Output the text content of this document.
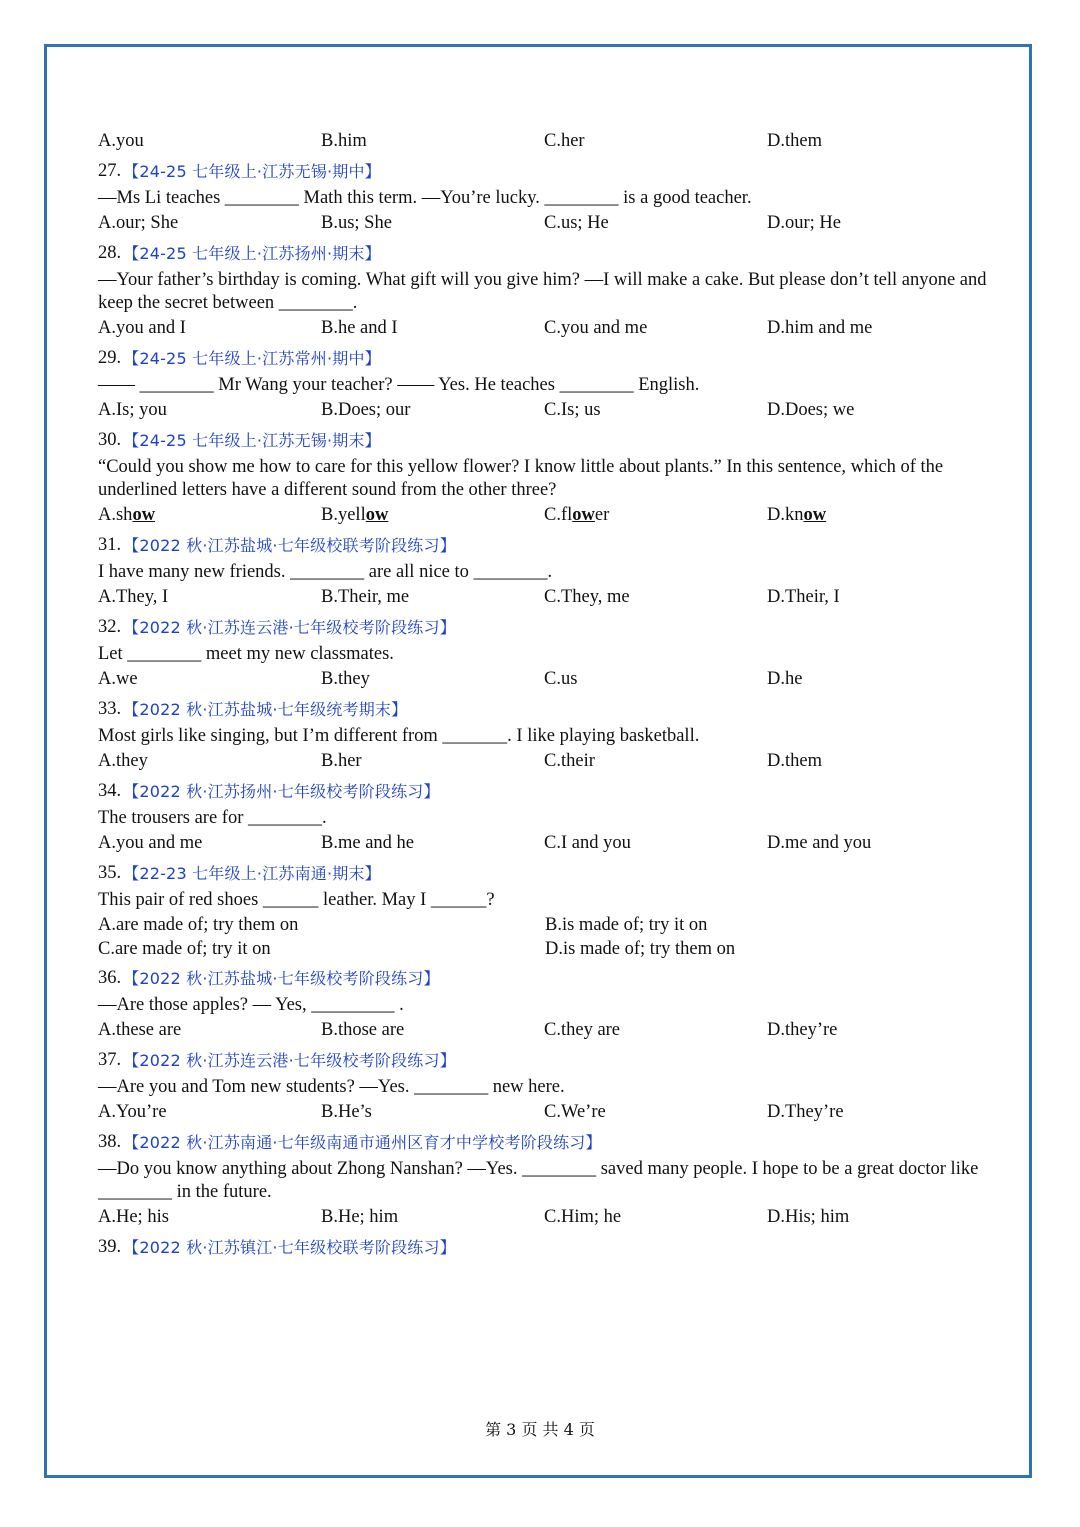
A.you	B.him	C.her	D.them
27. 【24-25 七年级上·江苏无锡·期中】
—Ms Li teaches ________ Math this term. —You’re lucky. ________ is a good teacher.
A.our; She	B.us; She	C.us; He	D.our; He
28. 【24-25 七年级上·江苏扬州·期末】
—Your father’s birthday is coming. What gift will you give him? —I will make a cake. But please don’t tell anyone and keep the secret between ________.
A.you and I	B.he and I	C.you and me	D.him and me
29. 【24-25 七年级上·江苏常州·期中】
—— ________ Mr Wang your teacher? —— Yes. He teaches ________ English.
A.Is; you	B.Does; our	C.Is; us	D.Does; we
30. 【24-25 七年级上·江苏无锡·期末】
“Could you show me how to care for this yellow flower? I know little about plants.” In this sentence, which of the underlined letters have a different sound from the other three?
A.show	B.yellow	C.flower	D.know
31. 【2022 秋·江苏盐城·七年级校联考阶段练习】
I have many new friends. ________ are all nice to ________.
A.They, I	B.Their, me	C.They, me	D.Their, I
32. 【2022 秋·江苏连云港·七年级校考阶段练习】
Let ________ meet my new classmates.
A.we	B.they	C.us	D.he
33. 【2022 秋·江苏盐城·七年级统考期末】
Most girls like singing, but I’m different from _______. I like playing basketball.
A.they	B.her	C.their	D.them
34. 【2022 秋·江苏扬州·七年级校考阶段练习】
The trousers are for ________.
A.you and me	B.me and he	C.I and you	D.me and you
35. 【22-23 七年级上·江苏南通·期末】
This pair of red shoes ______ leather. May I ______?
A.are made of; try them on	B.is made of; try it on
C.are made of; try it on	D.is made of; try them on
36. 【2022 秋·江苏盐城·七年级校考阶段练习】
—Are those apples? — Yes, _________ .
A.these are	B.those are	C.they are	D.they’re
37. 【2022 秋·江苏连云港·七年级校考阶段练习】
—Are you and Tom new students? —Yes. ________ new here.
A.You’re	B.He’s	C.We’re	D.They’re
38. 【2022 秋·江苏南通·七年级南通市通州区育才中学校考阶段练习】
—Do you know anything about Zhong Nanshan? —Yes. ________ saved many people. I hope to be a great doctor like ________ in the future.
A.He; his	B.He; him	C.Him; he	D.His; him
39. 【2022 秋·江苏镇江·七年级校联考阶段练习】
第 3 页 共 4 页
